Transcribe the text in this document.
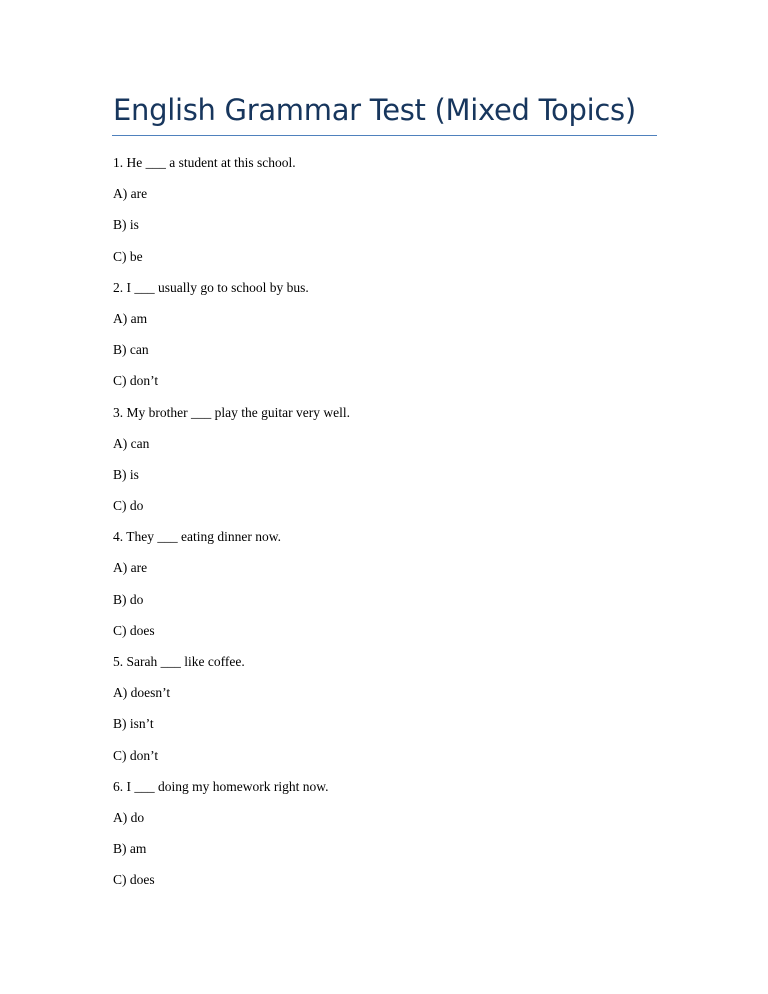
English Grammar Test (Mixed Topics)
1. He ___ a student at this school.
A) are
B) is
C) be
2. I ___ usually go to school by bus.
A) am
B) can
C) don’t
3. My brother ___ play the guitar very well.
A) can
B) is
C) do
4. They ___ eating dinner now.
A) are
B) do
C) does
5. Sarah ___ like coffee.
A) doesn’t
B) isn’t
C) don’t
6. I ___ doing my homework right now.
A) do
B) am
C) does
